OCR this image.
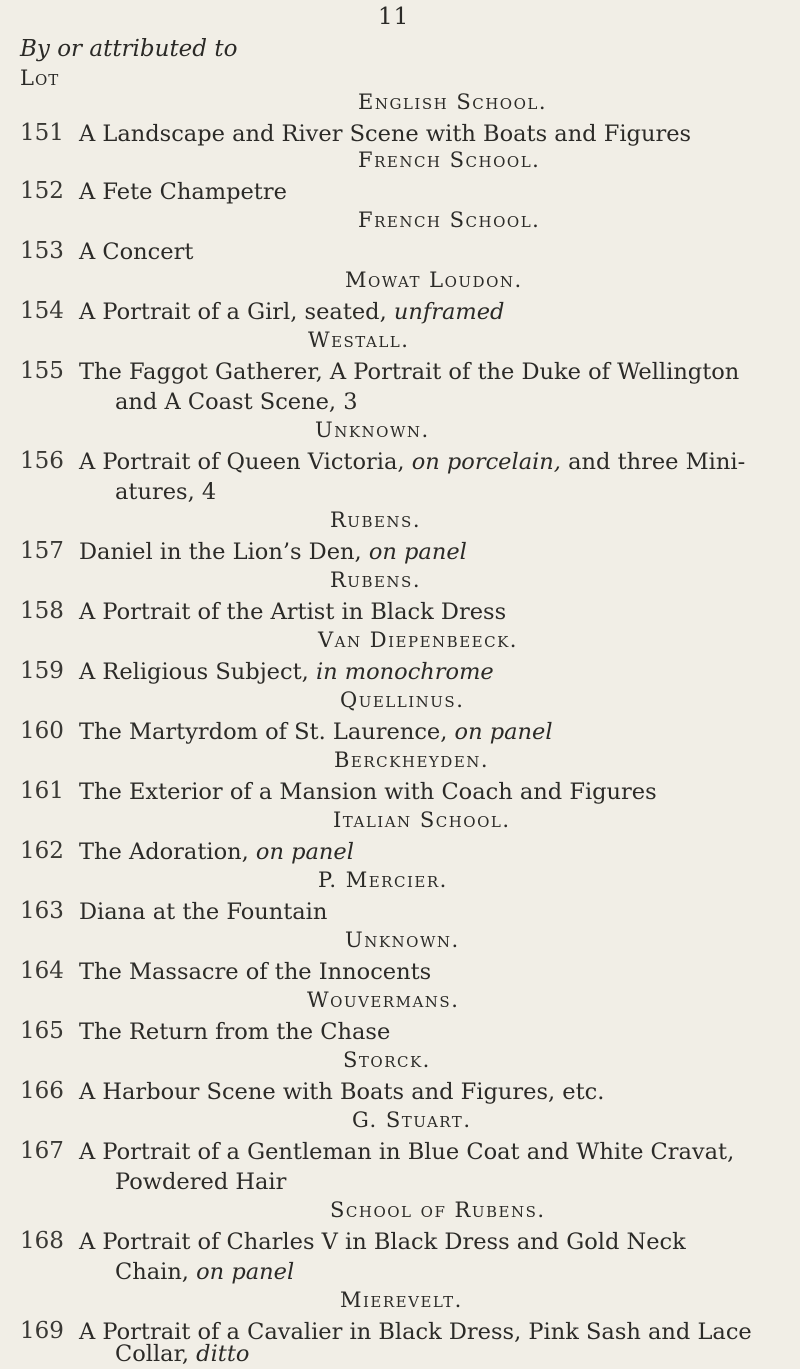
11
By or attributed to
Lot
English School.
151 A Landscape and River Scene with Boats and Figures
French School.
152 A Fete Champetre
French School.
153 A Concert
Mowat Loudon.
154 A Portrait of a Girl, seated, unframed
Westall.
155 The Faggot Gatherer, A Portrait of the Duke of Wellington
and A Coast Scene, 3
Unknown.
156 A Portrait of Queen Victoria, on porcelain, and three Mini-
atures, 4
Rubens.
157 Daniel in the Lion’s Den, on panel
Rubens.
158 A Portrait of the Artist in Black Dress
Van Diepenbeeck.
159 A Religious Subject, in monochrome
Quellinus.
160 The Martyrdom of St. Laurence, on panel
Berckheyden.
161 The Exterior of a Mansion with Coach and Figures
Italian School.
162 The Adoration, on panel
P. Mercier.
163 Diana at the Fountain
Unknown.
164 The Massacre of the Innocents
Wouvermans.
165 The Return from the Chase
Storck.
166 A Harbour Scene with Boats and Figures, etc.
G. Stuart.
167 A Portrait of a Gentleman in Blue Coat and White Cravat,
Powdered Hair
School of Rubens.
168 A Portrait of Charles V in Black Dress and Gold Neck
Chain, on panel
Mierevelt.
169 A Portrait of a Cavalier in Black Dress, Pink Sash and Lace
Collar, ditto
